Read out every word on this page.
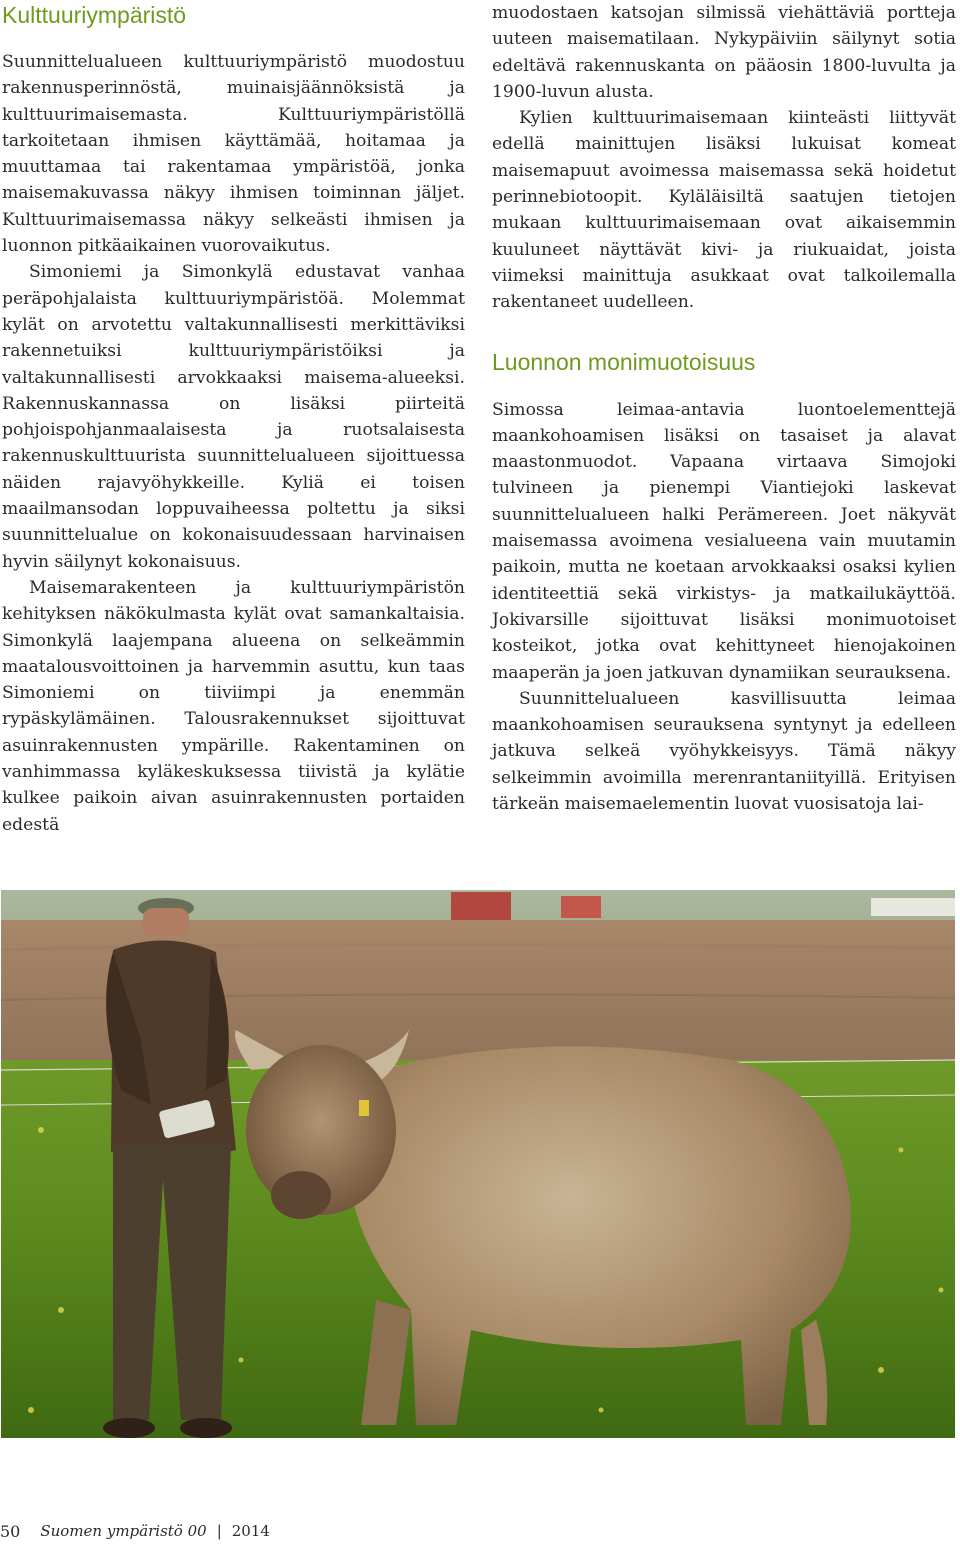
Kulttuuriympäristö

Suunnittelualueen kulttuuriympäristö muodostuu rakennusperinnöstä, muinaisjäännöksistä ja kulttuurimaisemasta. Kulttuuriympäristöllä tarkoitetaan ihmisen käyttämää, hoitamaa ja muuttamaa tai rakentamaa ympäristöä, jonka maisemakuvassa näkyy ihmisen toiminnan jäljet. Kulttuurimaisemassa näkyy selkeästi ihmisen ja luonnon pitkäaikainen vuorovaikutus.

Simoniemi ja Simonkylä edustavat vanhaa peräpohjalaista kulttuuriympäristöä. Molemmat kylät on arvotettu valtakunnallisesti merkittäviksi rakennetuiksi kulttuuriympäristöiksi ja valtakunnallisesti arvokkaaksi maisema-alueeksi. Rakennuskannassa on lisäksi piirteitä pohjoispohjanmaalaisesta ja ruotsalaisesta rakennuskulttuurista suunnittelualueen sijoittuessa näiden rajavyöhykkeille. Kyliä ei toisen maailmansodan loppuvaiheessa poltettu ja siksi suunnittelualue on kokonaisuudessaan harvinaisen hyvin säilynyt kokonaisuus.

Maisemarakenteen ja kulttuuriympäristön kehityksen näkökulmasta kylät ovat samankaltaisia. Simonkylä laajempana alueena on selkeämmin maatalousvoittoinen ja harvemmin asuttu, kun taas Simoniemi on tiiviimpi ja enemmän rypäskylämäinen. Talousrakennukset sijoittuvat asuinrakennusten ympärille. Rakentaminen on vanhimmassa kyläkeskuksessa tiivistä ja kylätie kulkee paikoin aivan asuinrakennusten portaiden edestä

muodostaen katsojan silmissä viehättäviä portteja uuteen maisematilaan. Nykypäiviin säilynyt sotia edeltävä rakennuskanta on pääosin 1800-luvulta ja 1900-luvun alusta.

Kylien kulttuurimaisemaan kiinteästi liittyvät edellä mainittujen lisäksi lukuisat komeat maisemapuut avoimessa maisemassa sekä hoidetut perinnebiotoopit. Kyläläisiltä saatujen tietojen mukaan kulttuurimaisemaan ovat aikaisemmin kuuluneet näyttävät kivi- ja riukuaidat, joista viimeksi mainittuja asukkaat ovat talkoilemalla rakentaneet uudelleen.

Luonnon monimuotoisuus

Simossa leimaa-antavia luontoelementtejä maankohoamisen lisäksi on tasaiset ja alavat maastonmuodot. Vapaana virtaava Simojoki tulvineen ja pienempi Viantiejoki laskevat suunnittelualueen halki Perämereen. Joet näkyvät maisemassa avoimena vesialueena vain muutamin paikoin, mutta ne koetaan arvokkaaksi osaksi kylien identiteettiä sekä virkistys- ja matkailukäyttöä. Jokivarsille sijoittuvat lisäksi monimuotoiset kosteikot, jotka ovat kehittyneet hienojakoinen maaperän ja joen jatkuvan dynamiikan seurauksena.

Suunnittelualueen kasvillisuutta leimaa maankohoamisen seurauksena syntynyt ja edelleen jatkuva selkeä vyöhykkeisyys. Tämä näkyy selkeimmin avoimilla merenrantaniityillä. Erityisen tärkeän maisemaelementin luovat vuosisatoja lai-

50 Suomen ympäristö 00 | 2014
